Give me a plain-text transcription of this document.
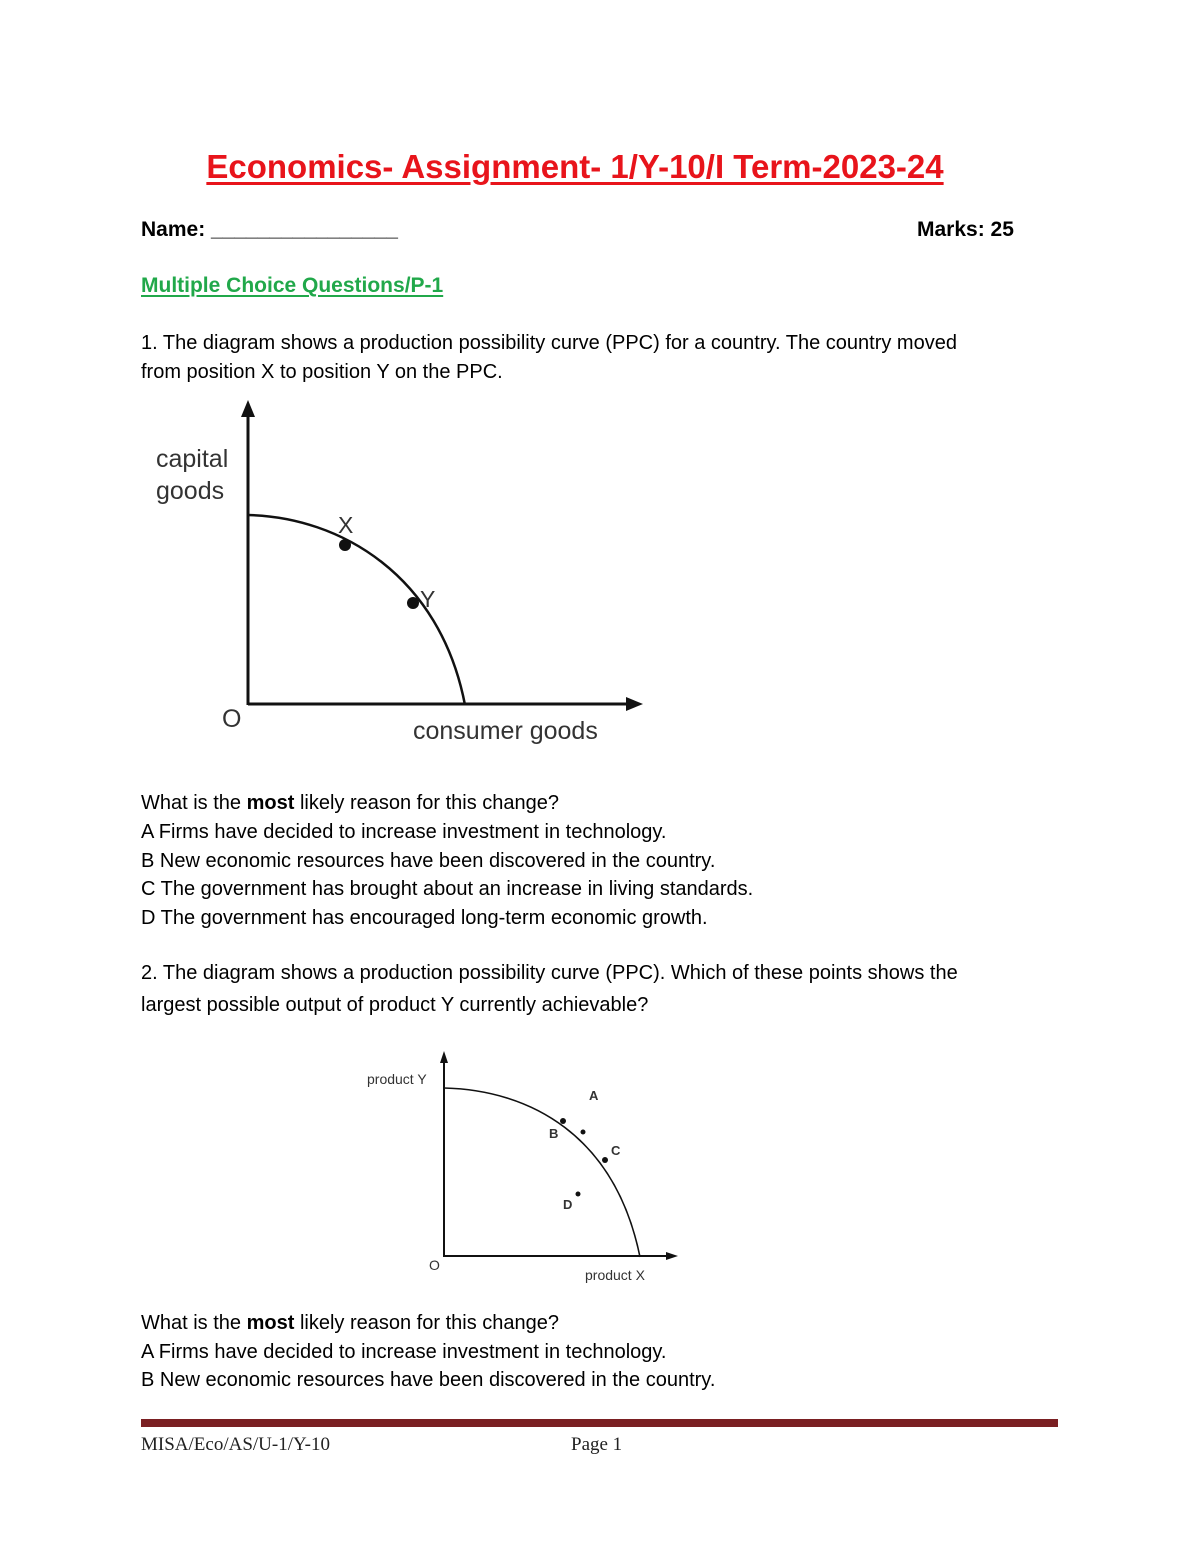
Economics- Assignment- 1/Y-10/I Term-2023-24
Name: ________________	Marks: 25
Multiple Choice Questions/P-1
1. The diagram shows a production possibility curve (PPC) for a country. The country moved
from position X to position Y on the PPC.
capital
goods
X
Y
O	consumer goods
What is the most likely reason for this change?
A Firms have decided to increase investment in technology.
B New economic resources have been discovered in the country.
C The government has brought about an increase in living standards.
D The government has encouraged long-term economic growth.
2. The diagram shows a production possibility curve (PPC). Which of these points shows the
largest possible output of product Y currently achievable?
product Y
A
B
C
D
O
product X
What is the most likely reason for this change?
A Firms have decided to increase investment in technology.
B New economic resources have been discovered in the country.
MISA/Eco/AS/U-1/Y-10	Page 1
